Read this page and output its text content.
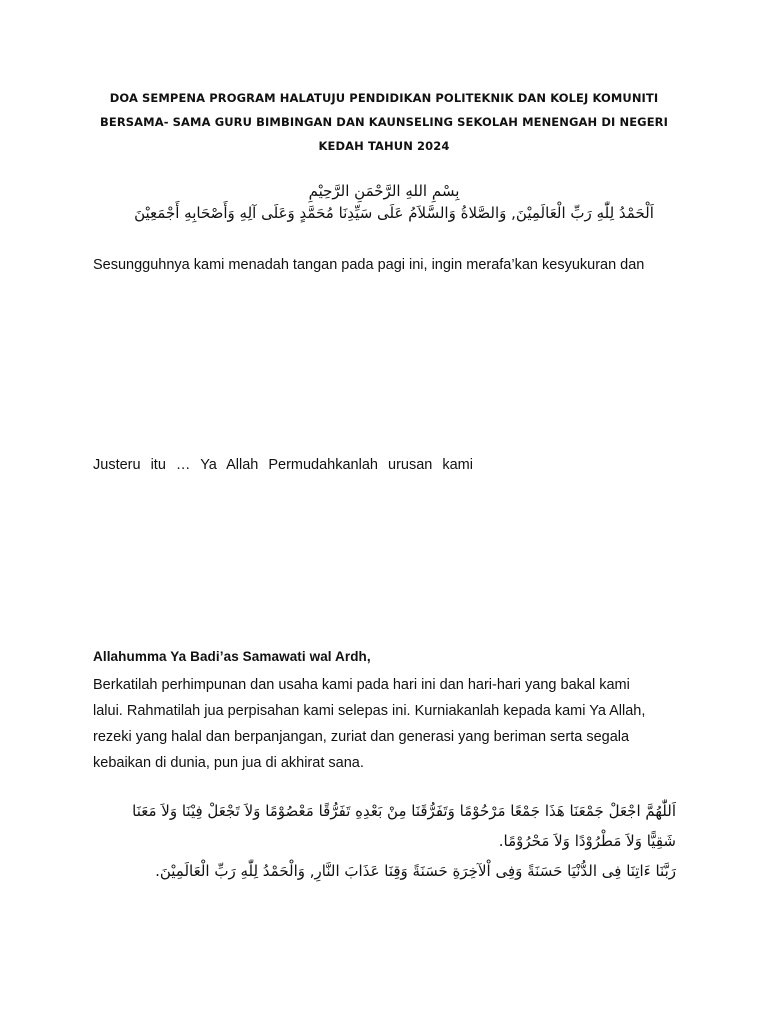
DOA SEMPENA PROGRAM HALATUJU PENDIDIKAN POLITEKNIK DAN KOLEJ KOMUNITI
BERSAMA- SAMA GURU BIMBINGAN DAN KAUNSELING SEKOLAH MENENGAH DI NEGERI
KEDAH TAHUN 2024
بِسْمِ اللهِ الرَّحْمَنِ الرَّحِيْمِ
اَلْحَمْدُ لِلّٰهِ رَبِّ الْعَالَمِيْنَ, وَالصَّلاةُ وَالسَّلاَمُ عَلَى سَيِّدِنَا مُحَمَّدٍ وَعَلَى آلِهِ وَأَصْحَابِهِ أَجْمَعِيْنَ
Sesungguhnya kami menadah tangan pada pagi ini, ingin merafa’kan kesyukuran dan
Justeru itu … Ya Allah Permudahkanlah urusan kami
Allahumma Ya Badi’as Samawati wal Ardh,
Berkatilah perhimpunan dan usaha kami pada hari ini dan hari-hari yang bakal kami
lalui. Rahmatilah jua perpisahan kami selepas ini. Kurniakanlah kepada kami Ya Allah,
rezeki yang halal dan berpanjangan, zuriat dan generasi yang beriman serta segala
kebaikan di dunia, pun jua di akhirat sana.
اَللّٰهُمَّ اجْعَلْ جَمْعَنَا هَذَا جَمْعًا مَرْحُوْمًا وَتَفَرُّقَنَا مِنْ بَعْدِهِ تَفَرُّقًا مَعْصُوْمًا وَلاَ تَجْعَلْ فِيْنَا وَلاَ مَعَنَا
شَقِيًّا وَلاَ مَطْرُوْدًا وَلاَ مَحْرُوْمًا.
رَبَّنَا ءَاتِنَا فِى الدُّنْيَا حَسَنَةً وَفِى اْلآخِرَةِ حَسَنَةً وَقِنَا عَذَابَ النَّارِ, وَالْحَمْدُ لِلّٰهِ رَبِّ الْعَالَمِيْنَ.
